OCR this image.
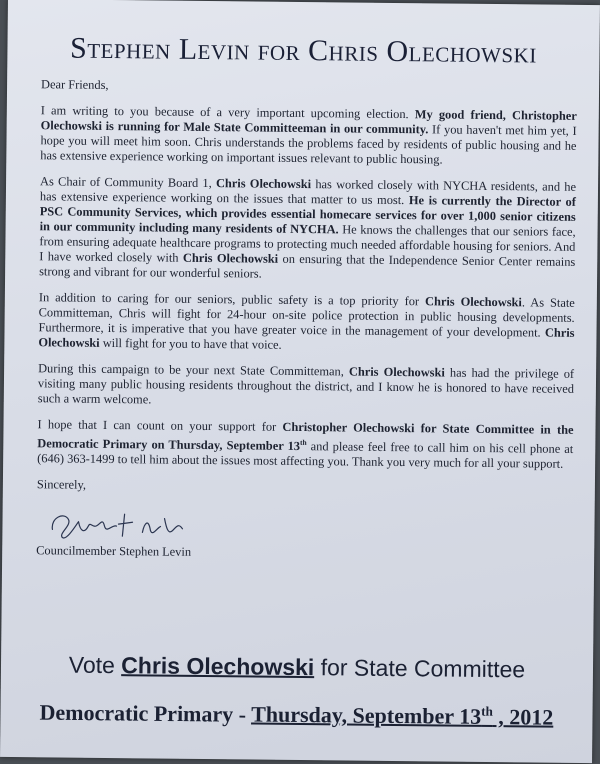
Stephen Levin for Chris Olechowski

Dear Friends,

I am writing to you because of a very important upcoming election. My good friend, Christopher Olechowski is running for Male State Committeeman in our community. If you haven't met him yet, I hope you will meet him soon. Chris understands the problems faced by residents of public housing and he has extensive experience working on important issues relevant to public housing.

As Chair of Community Board 1, Chris Olechowski has worked closely with NYCHA residents, and he has extensive experience working on the issues that matter to us most. He is currently the Director of PSC Community Services, which provides essential homecare services for over 1,000 senior citizens in our community including many residents of NYCHA. He knows the challenges that our seniors face, from ensuring adequate healthcare programs to protecting much needed affordable housing for seniors. And I have worked closely with Chris Olechowski on ensuring that the Independence Senior Center remains strong and vibrant for our wonderful seniors.

In addition to caring for our seniors, public safety is a top priority for Chris Olechowski. As State Committeman, Chris will fight for 24-hour on-site police protection in public housing developments. Furthermore, it is imperative that you have greater voice in the management of your development. Chris Olechowski will fight for you to have that voice.

During this campaign to be your next State Committeman, Chris Olechowski has had the privilege of visiting many public housing residents throughout the district, and I know he is honored to have received such a warm welcome.

I hope that I can count on your support for Christopher Olechowski for State Committee in the Democratic Primary on Thursday, September 13th and please feel free to call him on his cell phone at (646) 363-1499 to tell him about the issues most affecting you. Thank you very much for all your support.

Sincerely,

Councilmember Stephen Levin
Vote Chris Olechowski for State Committee
Democratic Primary - Thursday, September 13th , 2012
